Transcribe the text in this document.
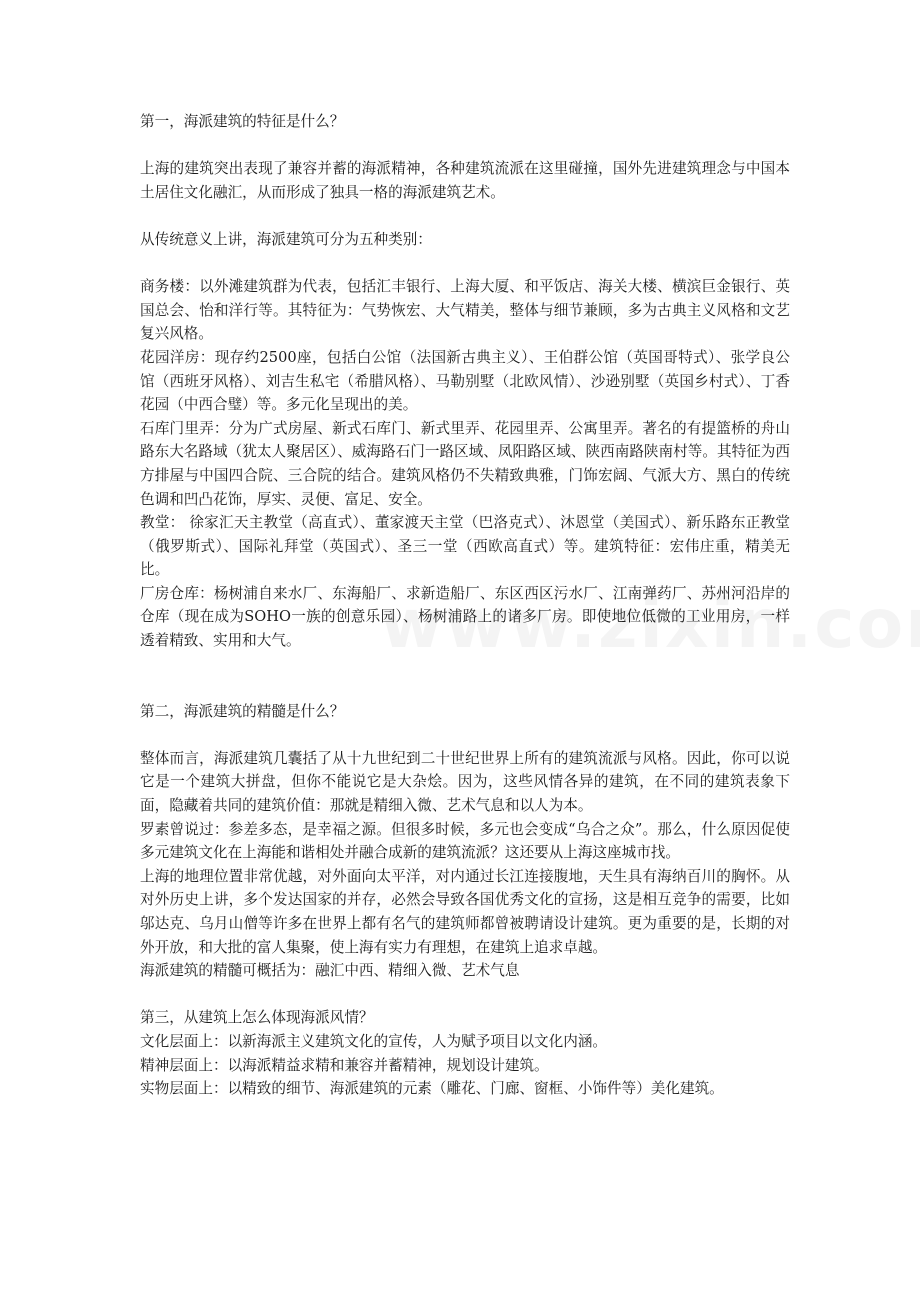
第一，海派建筑的特征是什么？

上海的建筑突出表现了兼容并蓄的海派精神，各种建筑流派在这里碰撞，国外先进建筑理念与中国本土居住文化融汇，从而形成了独具一格的海派建筑艺术。

从传统意义上讲，海派建筑可分为五种类别：

商务楼：以外滩建筑群为代表，包括汇丰银行、上海大厦、和平饭店、海关大楼、横滨巨金银行、英国总会、怡和洋行等。其特征为：气势恢宏、大气精美，整体与细节兼顾，多为古典主义风格和文艺复兴风格。

花园洋房：现存约2500座，包括白公馆（法国新古典主义）、王伯群公馆（英国哥特式）、张学良公馆（西班牙风格）、刘吉生私宅（希腊风格）、马勒别墅（北欧风情）、沙逊别墅（英国乡村式）、丁香花园（中西合璧）等。多元化呈现出的美。

石库门里弄：分为广式房屋、新式石库门、新式里弄、花园里弄、公寓里弄。著名的有提篮桥的舟山路东大名路域（犹太人聚居区）、威海路石门一路区域、凤阳路区域、陕西南路陕南村等。其特征为西方排屋与中国四合院、三合院的结合。建筑风格仍不失精致典雅，门饰宏阔、气派大方、黑白的传统色调和凹凸花饰，厚实、灵便、富足、安全。

教堂： 徐家汇天主教堂（高直式）、董家渡天主堂（巴洛克式）、沐恩堂（美国式）、新乐路东正教堂（俄罗斯式）、国际礼拜堂（英国式）、圣三一堂（西欧高直式）等。建筑特征：宏伟庄重，精美无比。

厂房仓库：杨树浦自来水厂、东海船厂、求新造船厂、东区西区污水厂、江南弹药厂、苏州河沿岸的仓库（现在成为SOHO一族的创意乐园）、杨树浦路上的诸多厂房。即使地位低微的工业用房，一样透着精致、实用和大气。

第二，海派建筑的精髓是什么？

整体而言，海派建筑几囊括了从十九世纪到二十世纪世界上所有的建筑流派与风格。因此，你可以说它是一个建筑大拼盘，但你不能说它是大杂烩。因为，这些风情各异的建筑，在不同的建筑表象下面，隐藏着共同的建筑价值：那就是精细入微、艺术气息和以人为本。

罗素曾说过：参差多态，是幸福之源。但很多时候，多元也会变成“乌合之众”。那么，什么原因促使多元建筑文化在上海能和谐相处并融合成新的建筑流派？这还要从上海这座城市找。

上海的地理位置非常优越，对外面向太平洋，对内通过长江连接腹地，天生具有海纳百川的胸怀。从对外历史上讲，多个发达国家的并存，必然会导致各国优秀文化的宣扬，这是相互竞争的需要，比如邬达克、乌月山僧等许多在世界上都有名气的建筑师都曾被聘请设计建筑。更为重要的是，长期的对外开放，和大批的富人集聚，使上海有实力有理想，在建筑上追求卓越。

海派建筑的精髓可概括为：融汇中西、精细入微、艺术气息

第三，从建筑上怎么体现海派风情？

文化层面上：以新海派主义建筑文化的宣传，人为赋予项目以文化内涵。

精神层面上：以海派精益求精和兼容并蓄精神，规划设计建筑。

实物层面上：以精致的细节、海派建筑的元素（雕花、门廊、窗框、小饰件等）美化建筑。
